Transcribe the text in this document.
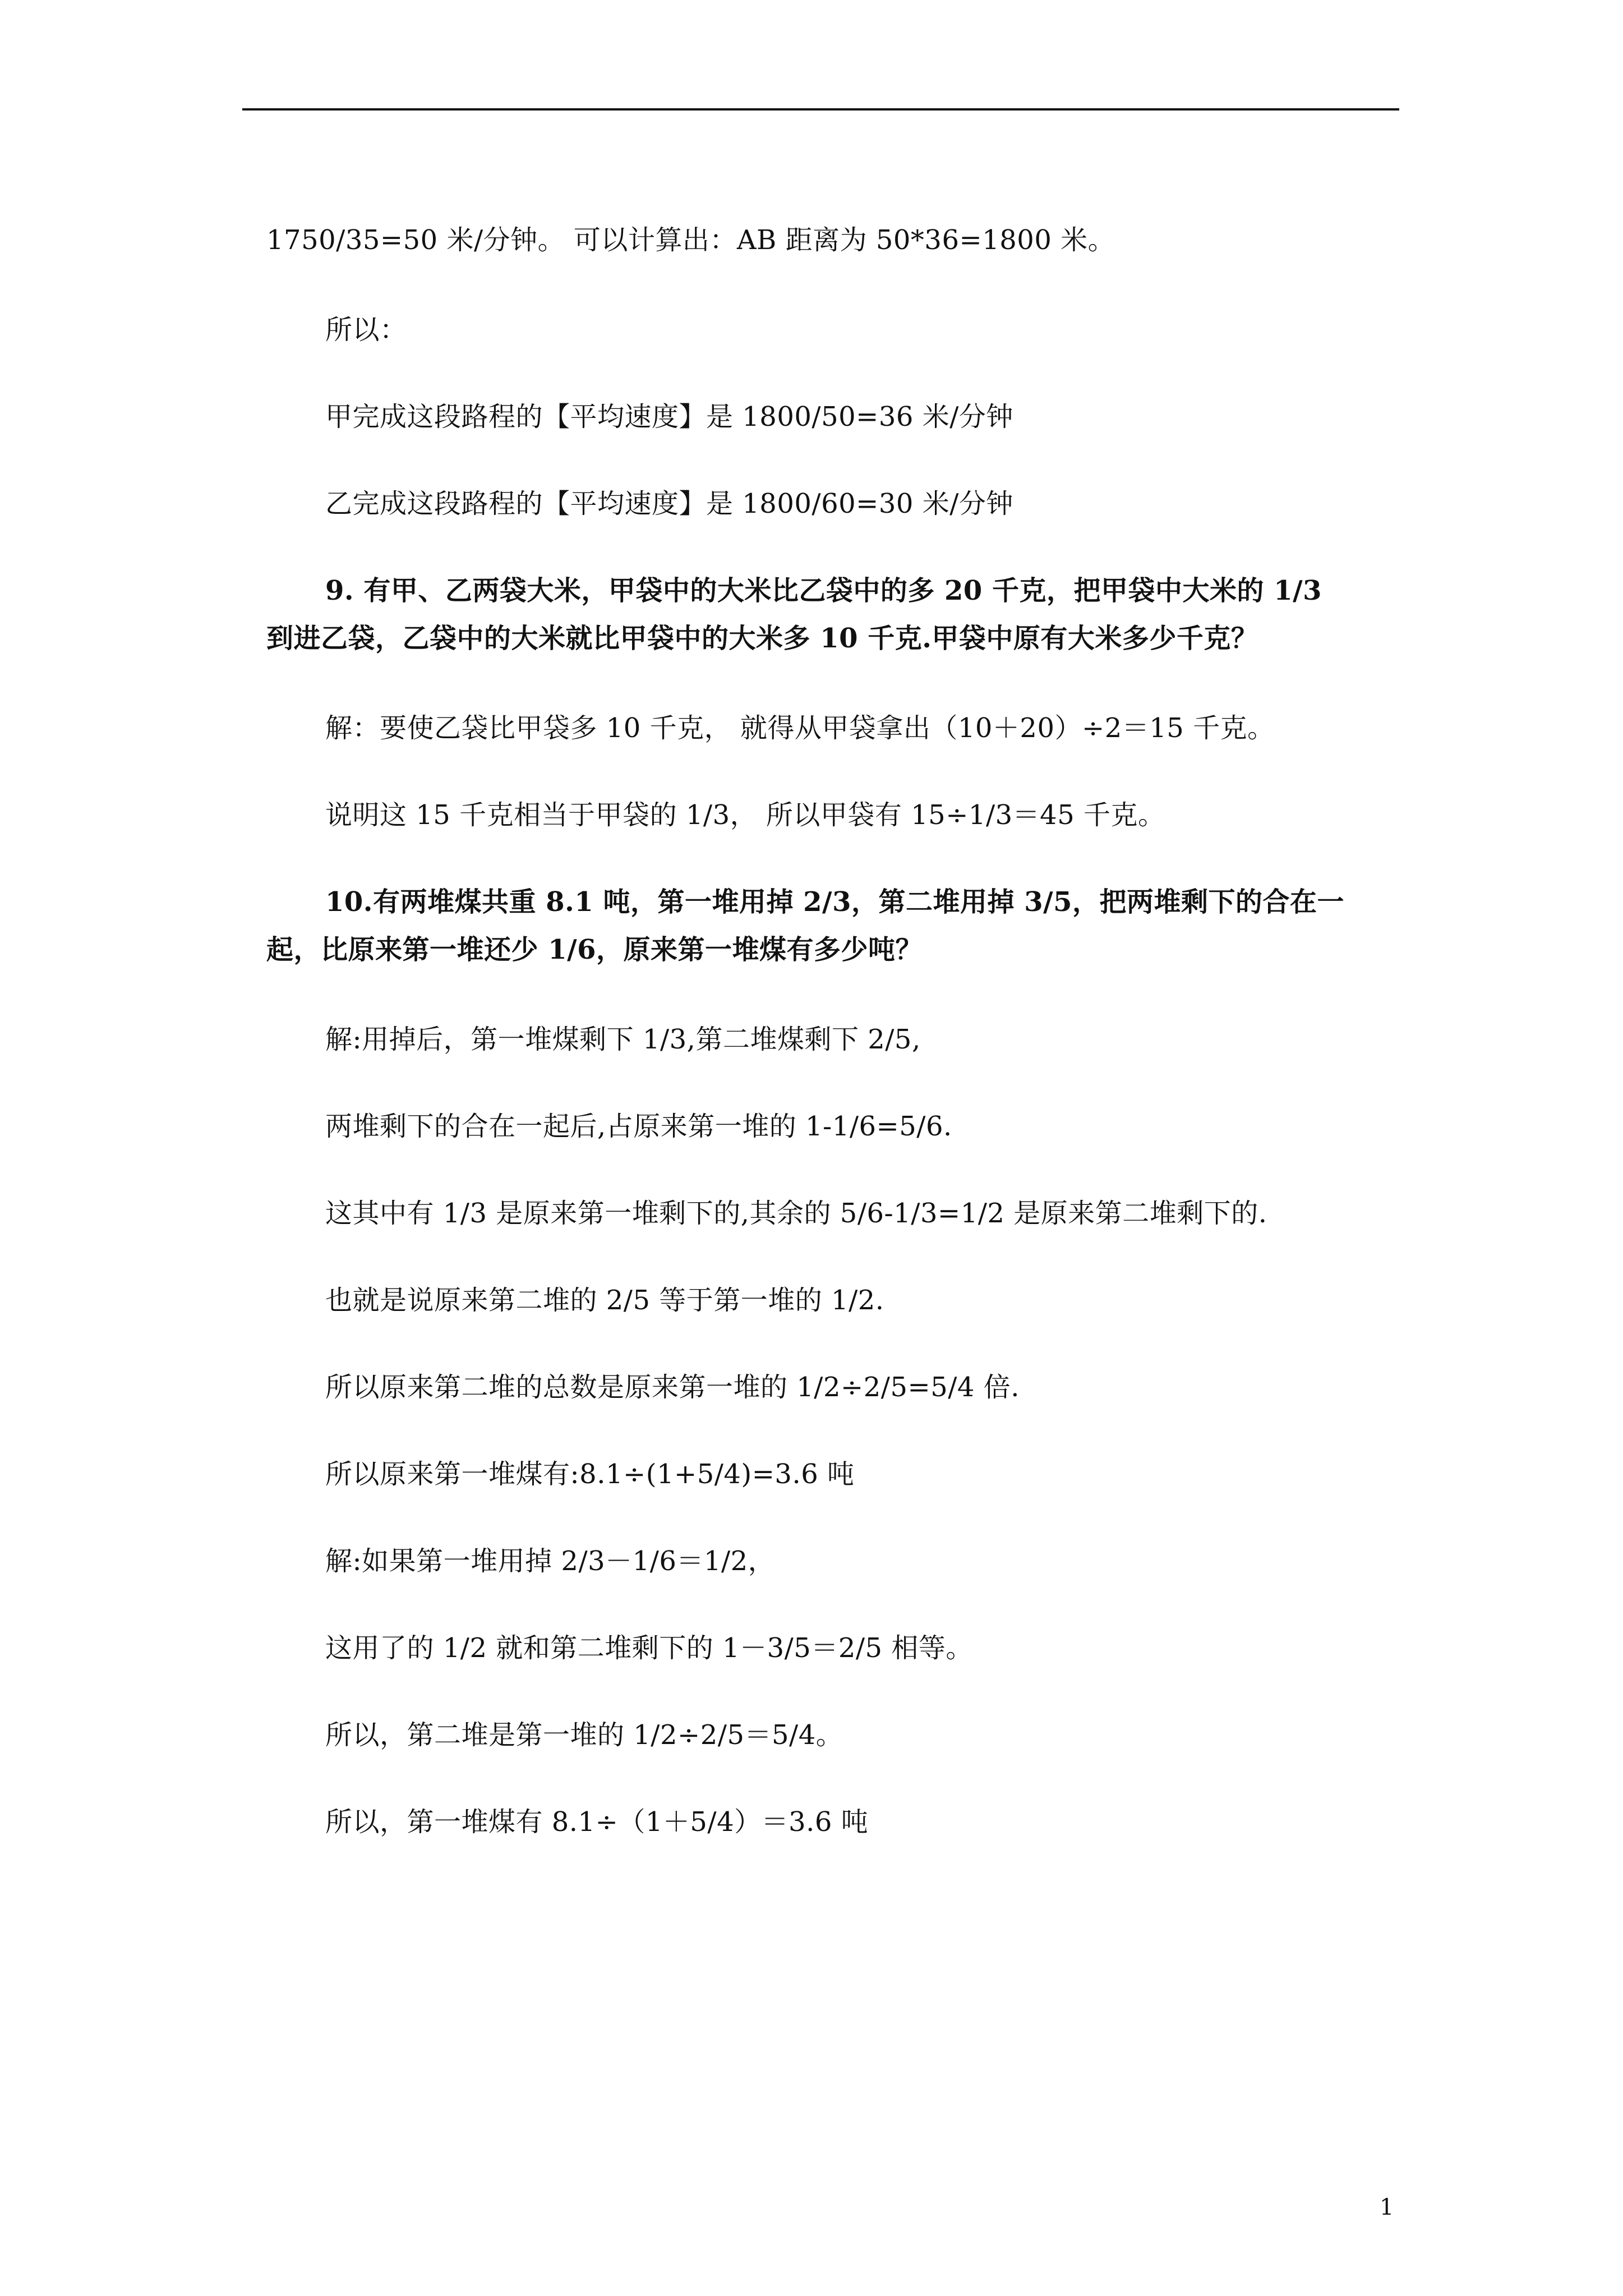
1750/35=50 米/分钟。 可以计算出：AB 距离为 50*36=1800 米。
所以：
甲完成这段路程的【平均速度】是 1800/50=36 米/分钟
乙完成这段路程的【平均速度】是 1800/60=30 米/分钟
9. 有甲、乙两袋大米，甲袋中的大米比乙袋中的多 20 千克，把甲袋中大米的 1/3
到进乙袋，乙袋中的大米就比甲袋中的大米多 10 千克.甲袋中原有大米多少千克？
解：要使乙袋比甲袋多 10 千克， 就得从甲袋拿出（10＋20）÷2＝15 千克。
说明这 15 千克相当于甲袋的 1/3， 所以甲袋有 15÷1/3＝45 千克。
10.有两堆煤共重 8.1 吨，第一堆用掉 2/3，第二堆用掉 3/5，把两堆剩下的合在一
起，比原来第一堆还少 1/6，原来第一堆煤有多少吨？
解:用掉后，第一堆煤剩下 1/3,第二堆煤剩下 2/5,
两堆剩下的合在一起后,占原来第一堆的 1-1/6=5/6.
这其中有 1/3 是原来第一堆剩下的,其余的 5/6-1/3=1/2 是原来第二堆剩下的.
也就是说原来第二堆的 2/5 等于第一堆的 1/2.
所以原来第二堆的总数是原来第一堆的 1/2÷2/5=5/4 倍.
所以原来第一堆煤有:8.1÷(1+5/4)=3.6 吨
解:如果第一堆用掉 2/3－1/6＝1/2，
这用了的 1/2 就和第二堆剩下的 1－3/5＝2/5 相等。
所以，第二堆是第一堆的 1/2÷2/5＝5/4。
所以，第一堆煤有 8.1÷（1＋5/4）＝3.6 吨
1
